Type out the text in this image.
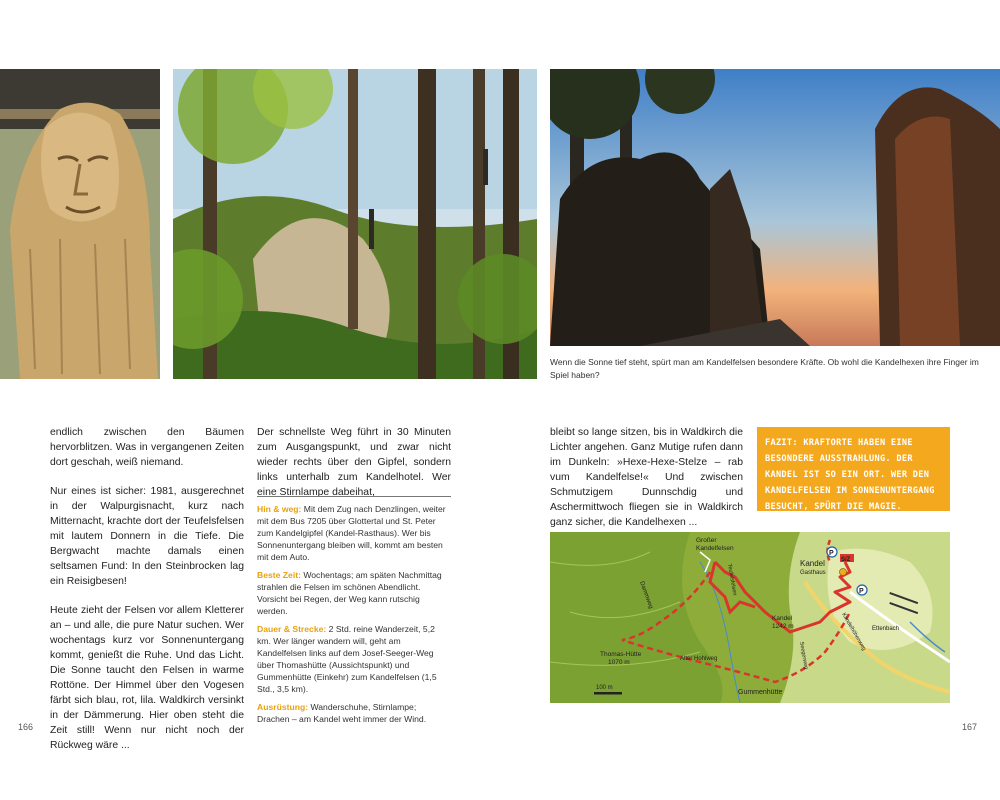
Wenn die Sonne tief steht, spürt man am Kandelfelsen besondere Kräfte. Ob wohl die Kandelhexen ihre Finger im
Spiel haben?

endlich zwischen den Bäumen hervorblitzen. Was in vergangenen Zeiten dort geschah, weiß niemand.

Nur eines ist sicher: 1981, ausgerechnet in der Walpurgisnacht, kurz nach Mitternacht, krachte dort der Teufelsfelsen mit lautem Donnern in die Tiefe. Die Bergwacht machte damals einen seltsamen Fund: In den Steinbrocken lag ein Reisigbesen!

Heute zieht der Felsen vor allem Kletterer an – und alle, die pure Natur suchen. Wer wochentags kurz vor Sonnenuntergang kommt, genießt die Ruhe. Und das Licht. Die Sonne taucht den Felsen in warme Rottöne. Der Himmel über den Vogesen färbt sich blau, rot, lila. Waldkirch versinkt in der Dämmerung. Hier oben steht die Zeit still! Wenn nur nicht noch der Rückweg wäre ...

Der schnellste Weg führt in 30 Minuten zum Ausgangspunkt, und zwar nicht wieder rechts über den Gipfel, sondern links unterhalb zum Kandelhotel. Wer eine Stirnlampe dabeihat,

Hin & weg: Mit dem Zug nach Denzlingen, weiter mit dem Bus 7205 über Glottertal und St. Peter zum Kandelgipfel (Kandel-Rasthaus). Wer bis Sonnenuntergang bleiben will, kommt am besten mit dem Auto.

Beste Zeit: Wochentags; am späten Nachmittag strahlen die Felsen im schönen Abendlicht. Vorsicht bei Regen, der Weg kann rutschig werden.

Dauer & Strecke: 2 Std. reine Wanderzeit, 5,2 km. Wer länger wandern will, geht am Kandelfelsen links auf dem Josef-Seeger-Weg über Thomashütte (Aussichtspunkt) und Gummenhütte (Einkehr) zum Kandelfelsen (1,5 Std., 3,5 km).

Ausrüstung: Wanderschuhe, Stirnlampe; Drachen – am Kandel weht immer der Wind.

bleibt so lange sitzen, bis in Waldkirch die Lichter angehen. Ganz Mutige rufen dann im Dunkeln: »Hexe-Hexe-Stelze – rab vum Kandelfelse!« Und zwischen Schmutzigem Dunnschdig und Aschermittwoch fliegen sie in Waldkirch ganz sicher, die Kandelhexen ...

FAZIT: KRAFTORTE HABEN EINE BESONDERE AUSSTRAHLUNG. DER KANDEL IST SO EIN ORT. WER DEN KANDELFELSEN IM SONNENUNTERGANG BESUCHT, SPÜRT DIE MAGIE.
P
P
S/Z
Großer
Kandelfelsen
Kandel
Gasthaus
Kandel
1242 m
Thomas-Hütte
1070 m
Gummenhütte
Alter Hohlweg
Dammweg	Teufelsfelsen
Ettenbach
Kandelhöhenweg
Seegerweg
100 m
166	167
